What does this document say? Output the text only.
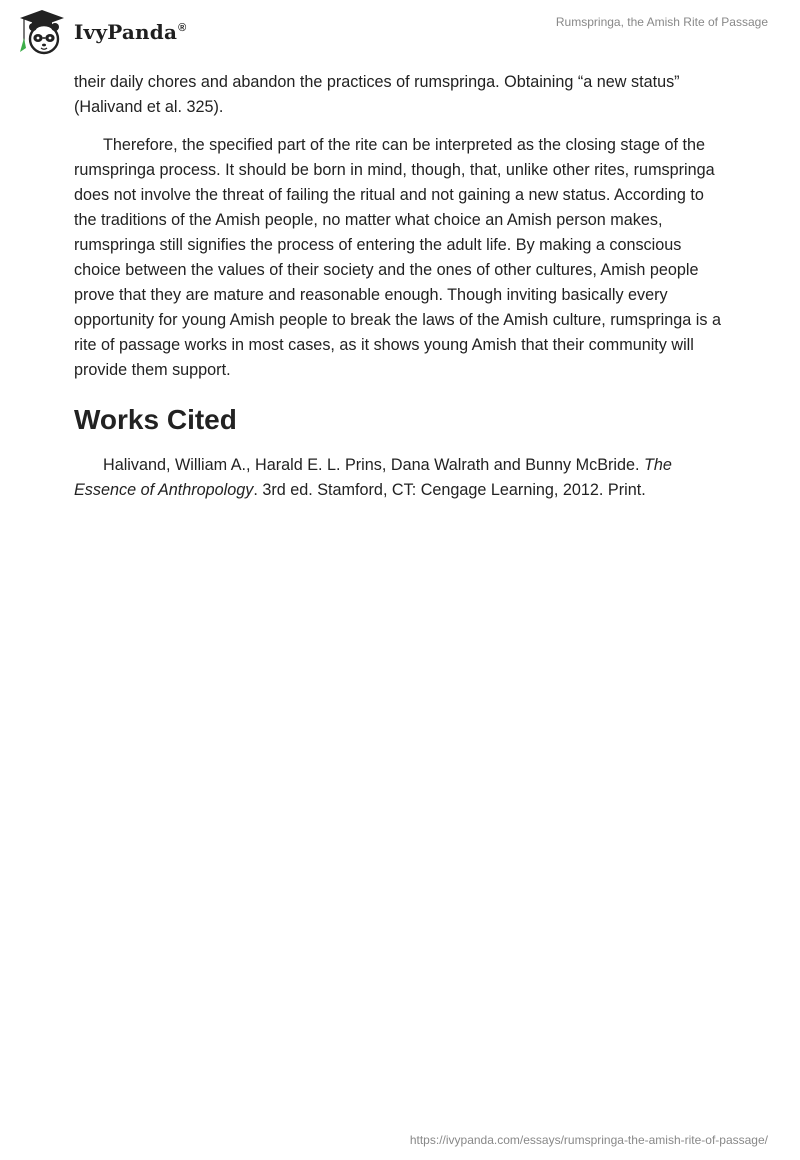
IvyPanda®	Rumspringa, the Amish Rite of Passage

their daily chores and abandon the practices of rumspringa. Obtaining “a new status” (Halivand et al. 325).

Therefore, the specified part of the rite can be interpreted as the closing stage of the rumspringa process. It should be born in mind, though, that, unlike other rites, rumspringa does not involve the threat of failing the ritual and not gaining a new status. According to the traditions of the Amish people, no matter what choice an Amish person makes, rumspringa still signifies the process of entering the adult life. By making a conscious choice between the values of their society and the ones of other cultures, Amish people prove that they are mature and reasonable enough. Though inviting basically every opportunity for young Amish people to break the laws of the Amish culture, rumspringa is a rite of passage works in most cases, as it shows young Amish that their community will provide them support.

Works Cited

Halivand, William A., Harald E. L. Prins, Dana Walrath and Bunny McBride. The Essence of Anthropology. 3rd ed. Stamford, CT: Cengage Learning, 2012. Print.

https://ivypanda.com/essays/rumspringa-the-amish-rite-of-passage/
